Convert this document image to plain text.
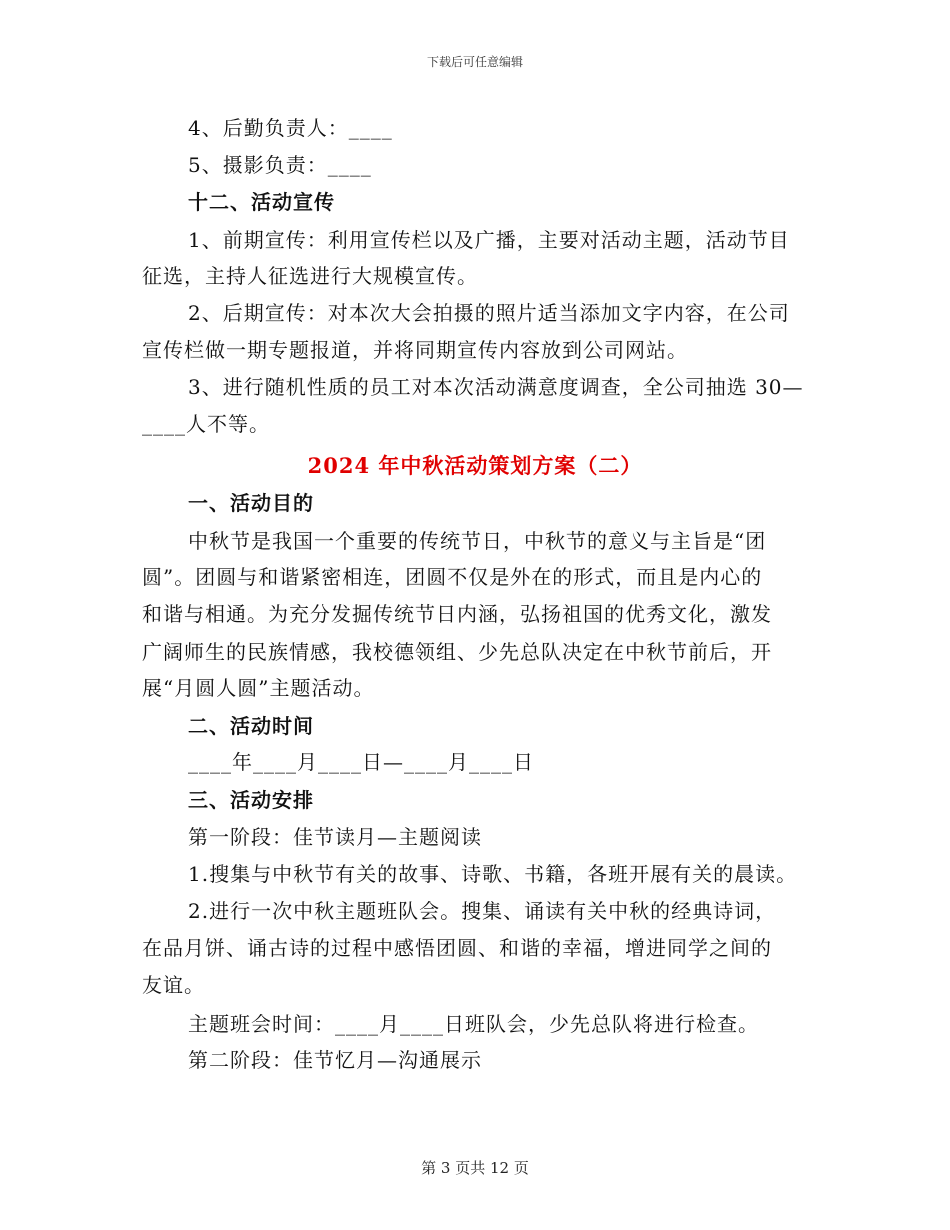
下载后可任意编辑
4、后勤负责人：____
5、摄影负责：____
十二、活动宣传
1、前期宣传：利用宣传栏以及广播，主要对活动主题，活动节目
征选，主持人征选进行大规模宣传。
2、后期宣传：对本次大会拍摄的照片适当添加文字内容，在公司
宣传栏做一期专题报道，并将同期宣传内容放到公司网站。
3、进行随机性质的员工对本次活动满意度调查，全公司抽选 30—
____人不等。
2024 年中秋活动策划方案（二）
一、活动目的
中秋节是我国一个重要的传统节日，中秋节的意义与主旨是“团
圆”。团圆与和谐紧密相连，团圆不仅是外在的形式，而且是内心的
和谐与相通。为充分发掘传统节日内涵，弘扬祖国的优秀文化，激发
广阔师生的民族情感，我校德领组、少先总队决定在中秋节前后，开
展“月圆人圆”主题活动。
二、活动时间
____年____月____日—____月____日
三、活动安排
第一阶段：佳节读月—主题阅读
1.搜集与中秋节有关的故事、诗歌、书籍，各班开展有关的晨读。
2.进行一次中秋主题班队会。搜集、诵读有关中秋的经典诗词，
在品月饼、诵古诗的过程中感悟团圆、和谐的幸福，增进同学之间的
友谊。
主题班会时间：____月____日班队会，少先总队将进行检查。
第二阶段：佳节忆月—沟通展示
第 3 页共 12 页
